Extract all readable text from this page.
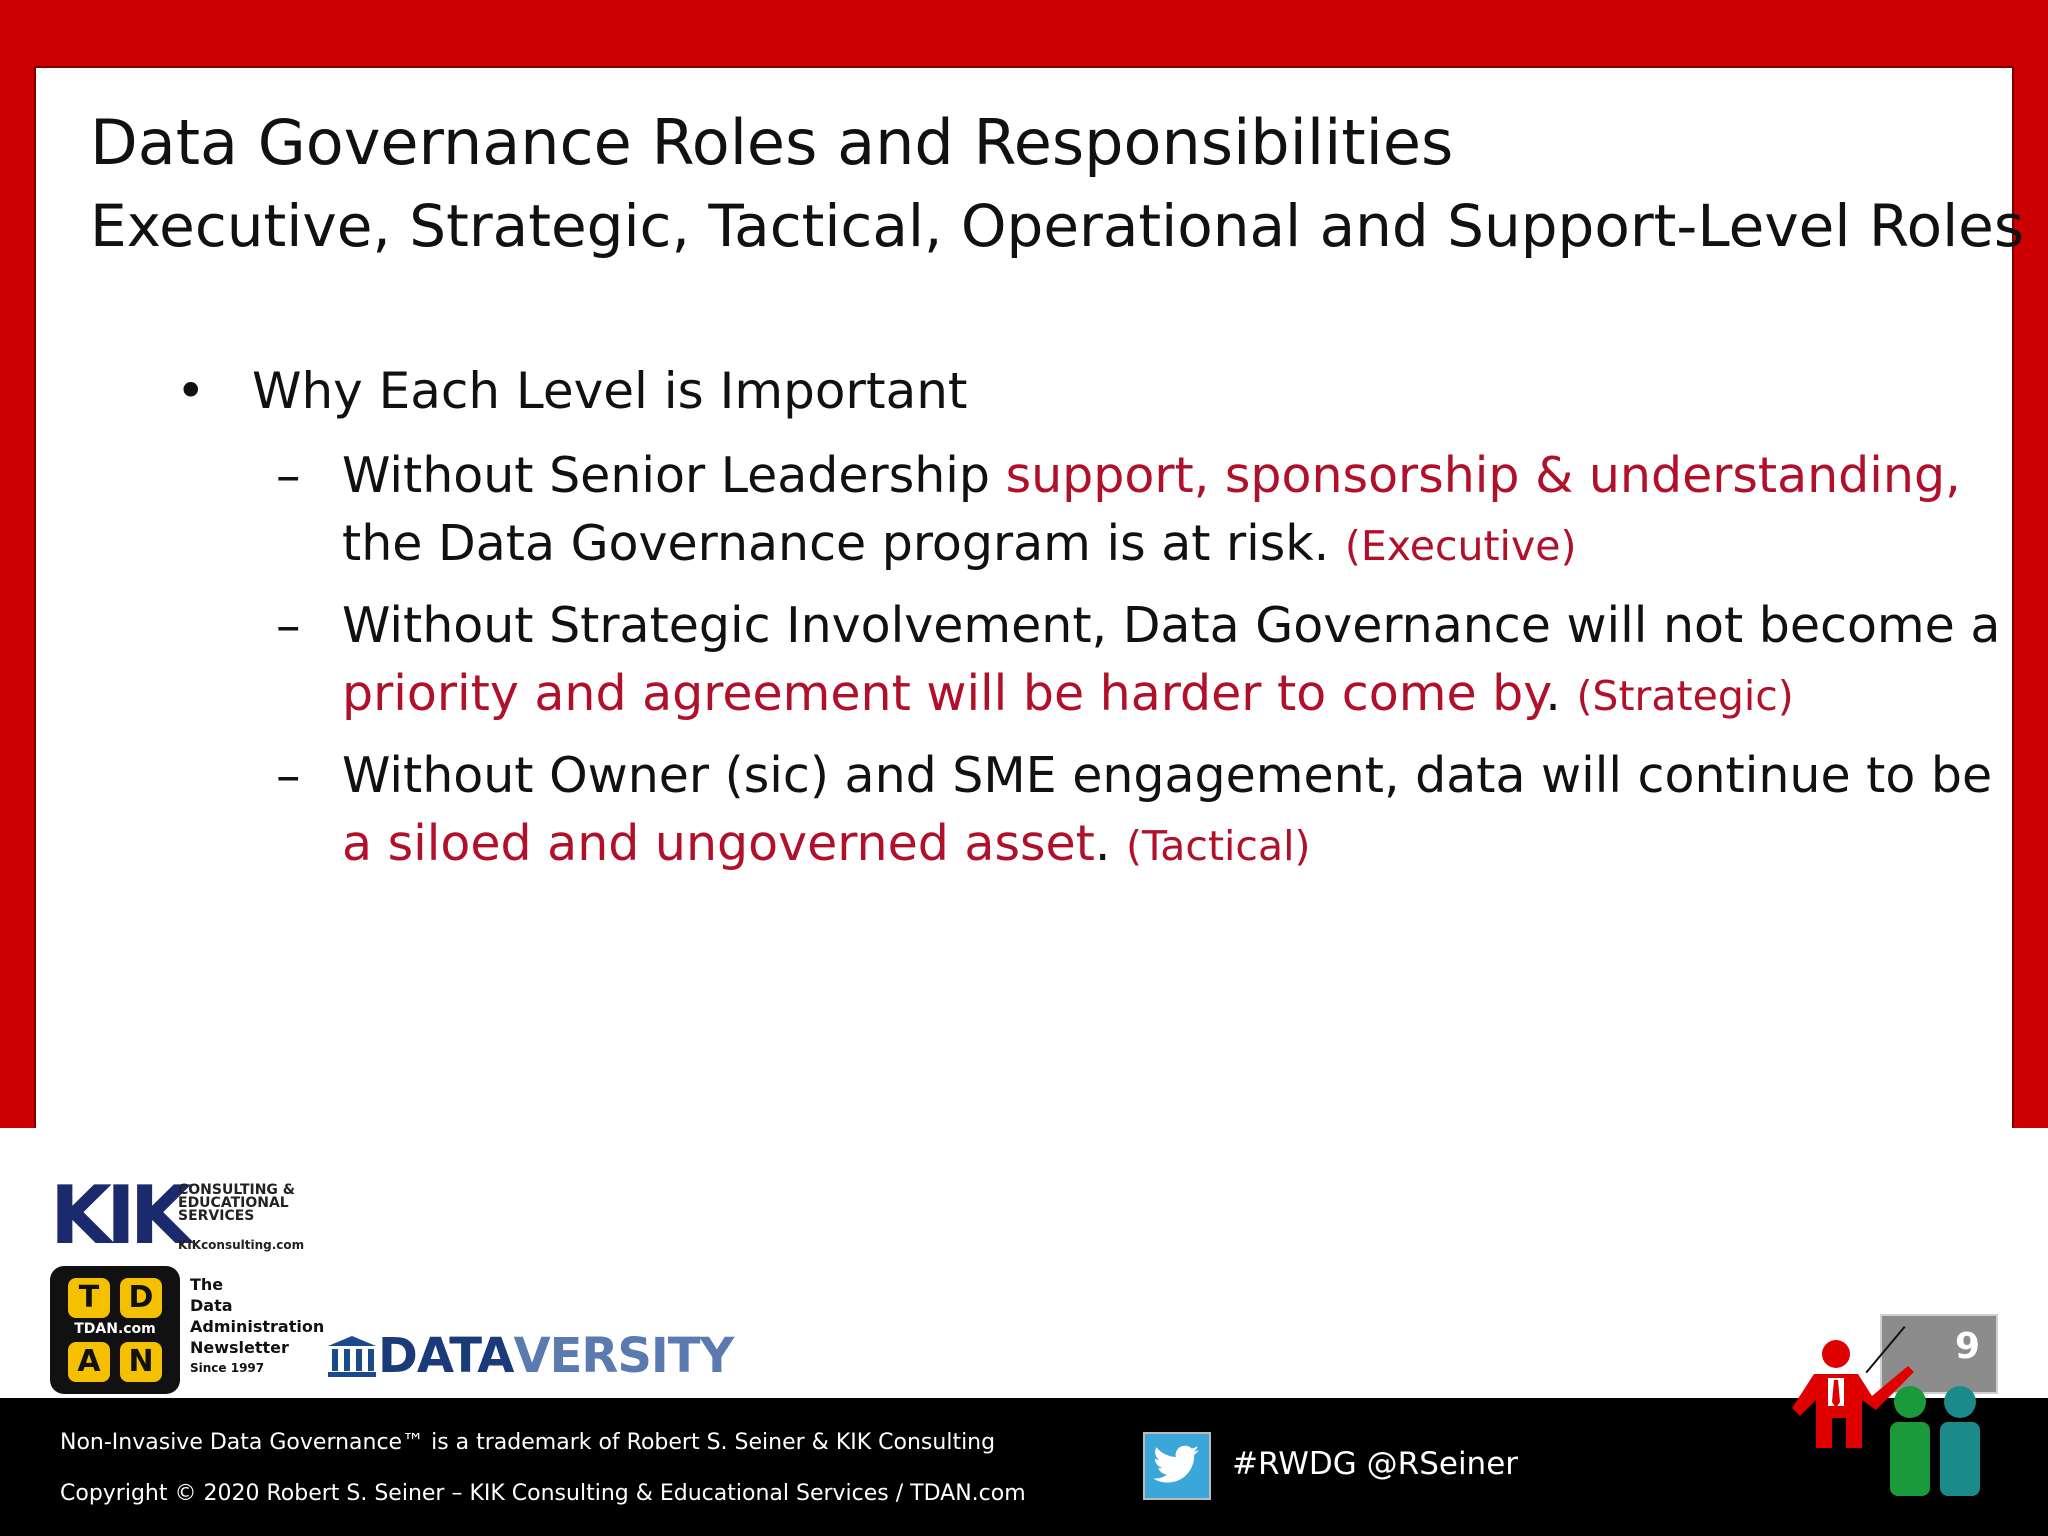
Data Governance Roles and Responsibilities
Executive, Strategic, Tactical, Operational and Support-Level Roles
• Why Each Level is Important
– Without Senior Leadership support, sponsorship & understanding,
the Data Governance program is at risk. (Executive)
– Without Strategic Involvement, Data Governance will not become a
priority and agreement will be harder to come by. (Strategic)
– Without Owner (sic) and SME engagement, data will continue to be
a siloed and ungoverned asset. (Tactical)
KIK
CONSULTING &
EDUCATIONAL
SERVICES
KIKconsulting.com
T D
TDAN.com
A N
The
Data
Administration
Newsletter
Since 1997	DATAVERSITY	9
Non-Invasive Data Governance™ is a trademark of Robert S. Seiner & KIK Consulting
Copyright © 2020 Robert S. Seiner – KIK Consulting & Educational Services / TDAN.com
#RWDG @RSeiner
